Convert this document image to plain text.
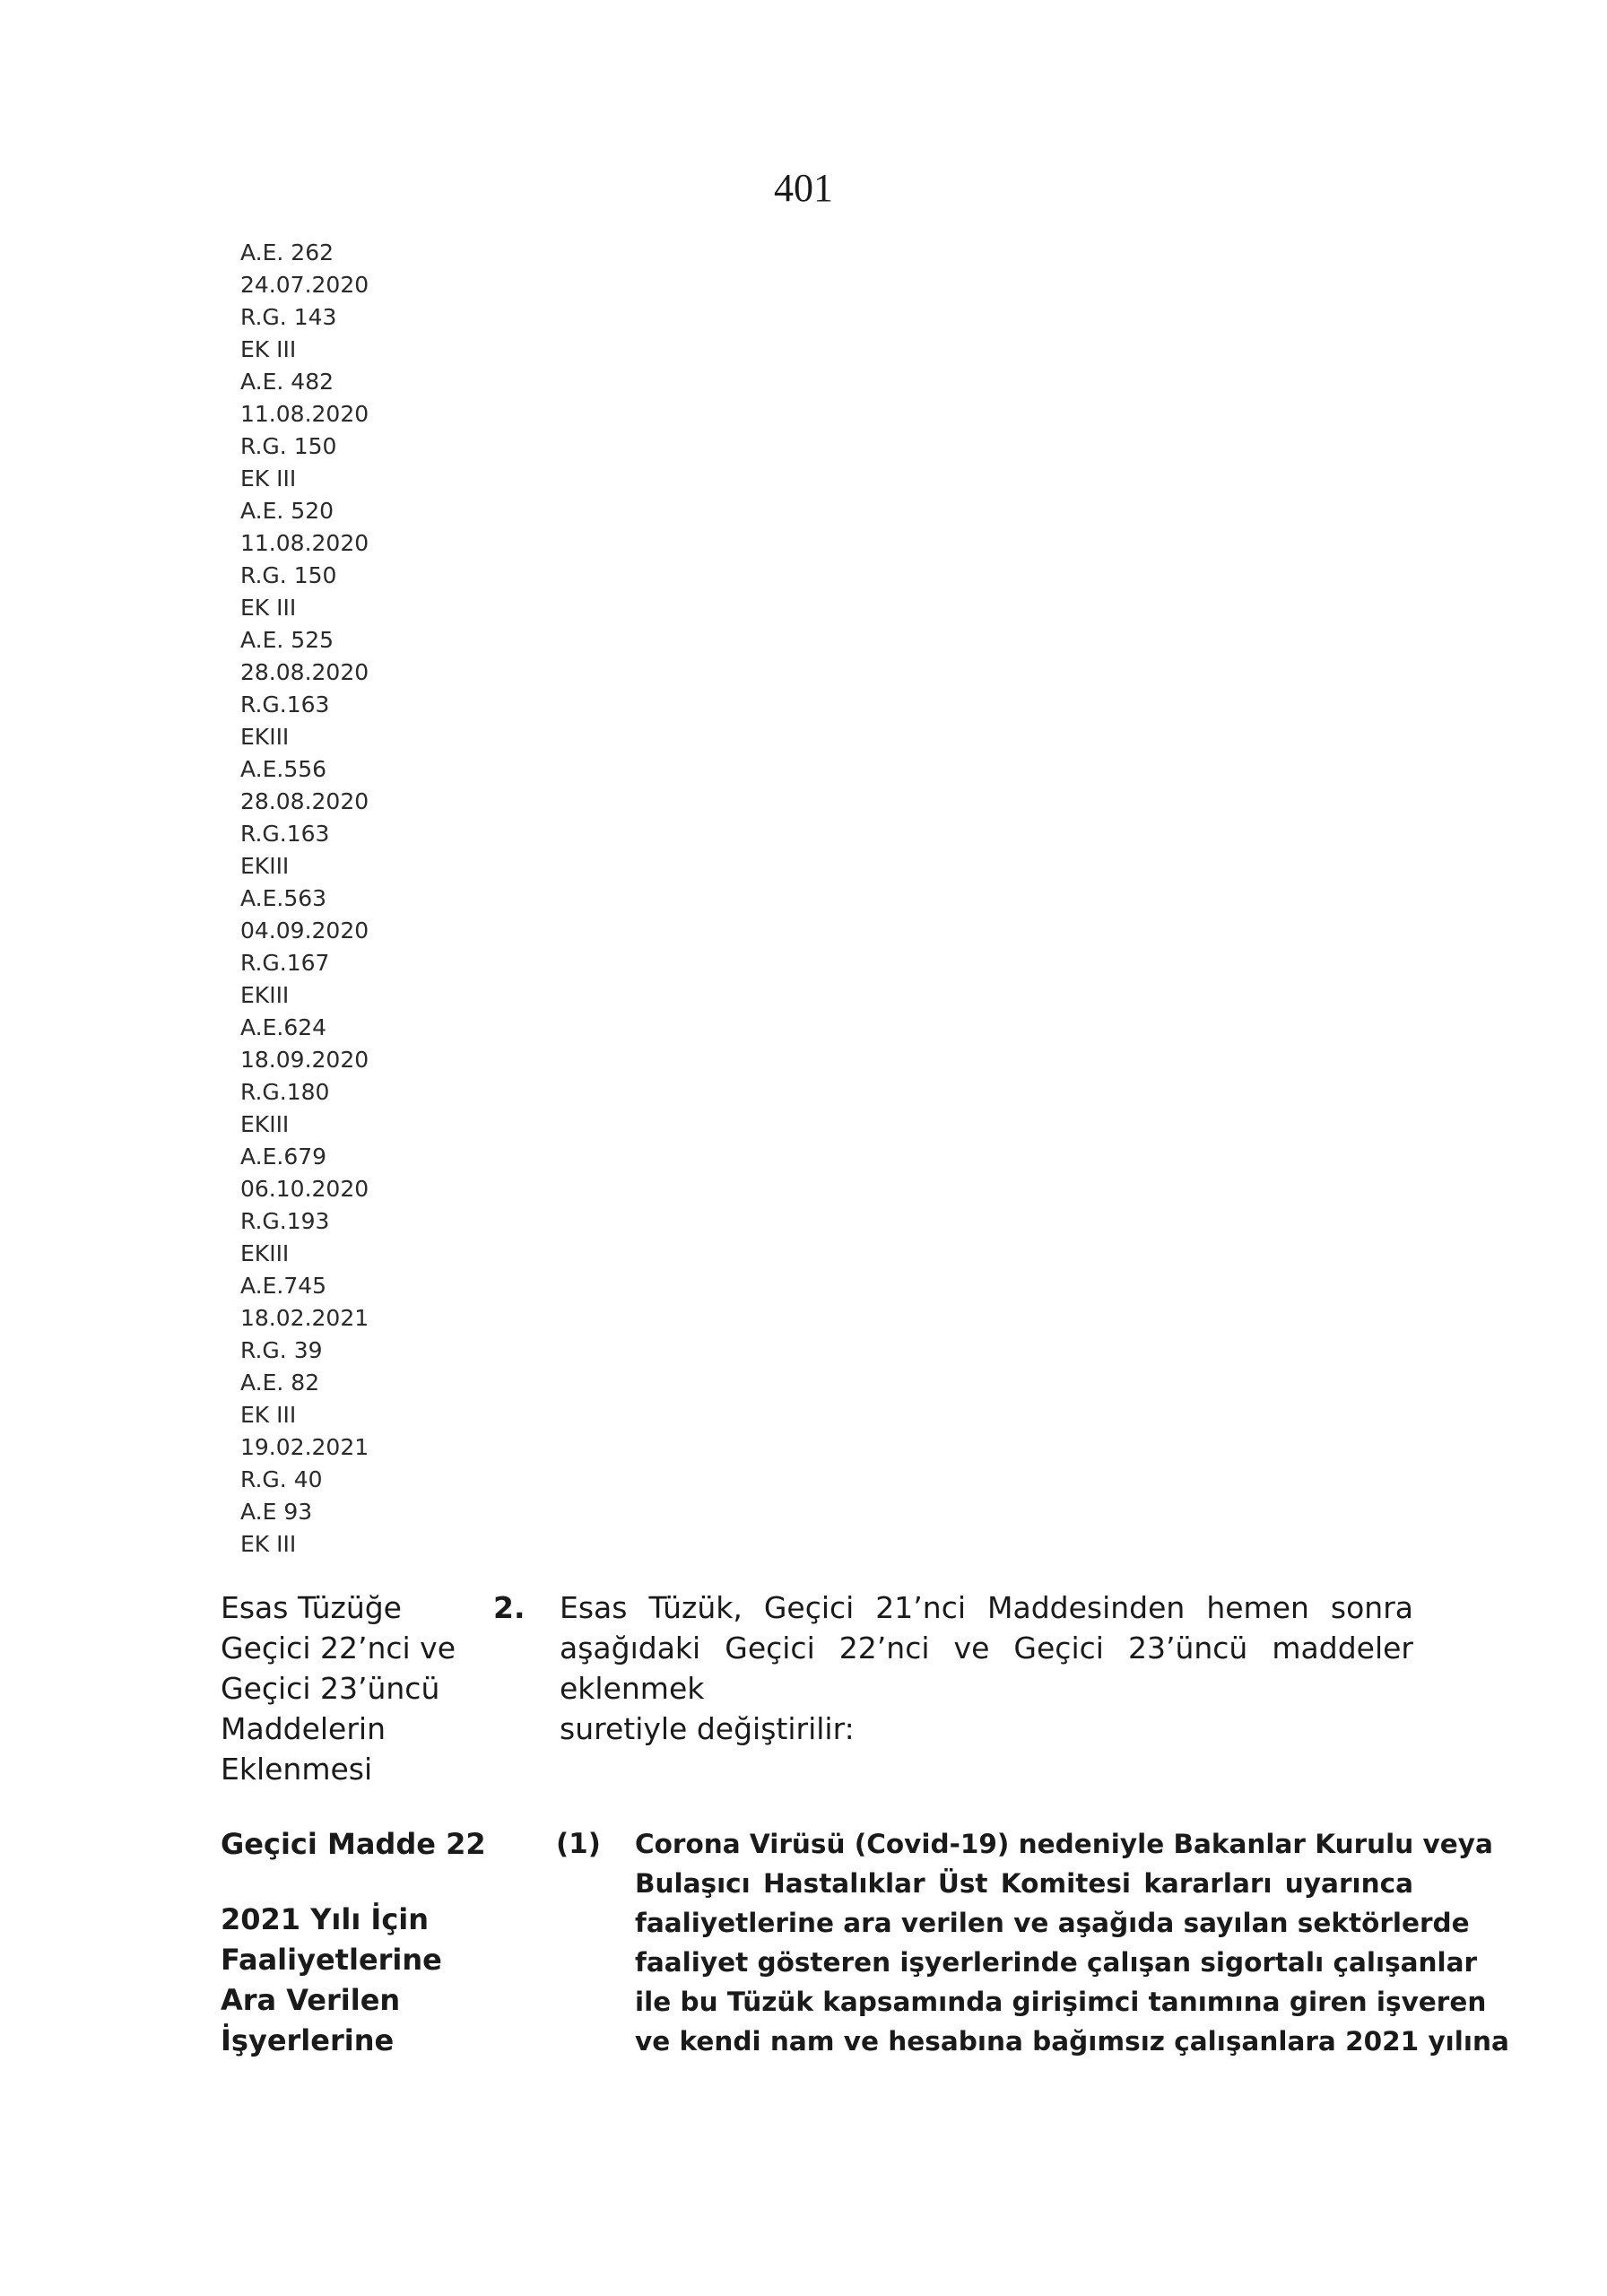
401
A.E. 262
24.07.2020
R.G. 143
EK III
A.E. 482
11.08.2020
R.G. 150
EK III
A.E. 520
11.08.2020
R.G. 150
EK III
A.E. 525
28.08.2020
R.G.163
EKIII
A.E.556
28.08.2020
R.G.163
EKIII
A.E.563
04.09.2020
R.G.167
EKIII
A.E.624
18.09.2020
R.G.180
EKIII
A.E.679
06.10.2020
R.G.193
EKIII
A.E.745
18.02.2021
R.G. 39
A.E. 82
EK III
19.02.2021
R.G. 40
A.E 93
EK III
Esas Tüzüğe
Geçici 22’nci ve
Geçici 23’üncü
Maddelerin
Eklenmesi
2. Esas Tüzük, Geçici 21’nci Maddesinden hemen sonra
aşağıdaki Geçici 22’nci ve Geçici 23’üncü maddeler eklenmek
suretiyle değiştirilir:
Geçici Madde 22
2021 Yılı İçin
Faaliyetlerine
Ara Verilen
İşyerlerine
(1) Corona Virüsü (Covid-19) nedeniyle Bakanlar Kurulu veya
Bulaşıcı Hastalıklar Üst Komitesi kararları uyarınca
faaliyetlerine ara verilen ve aşağıda sayılan sektörlerde
faaliyet gösteren işyerlerinde çalışan sigortalı çalışanlar
ile bu Tüzük kapsamında girişimci tanımına giren işveren
ve kendi nam ve hesabına bağımsız çalışanlara 2021 yılına
